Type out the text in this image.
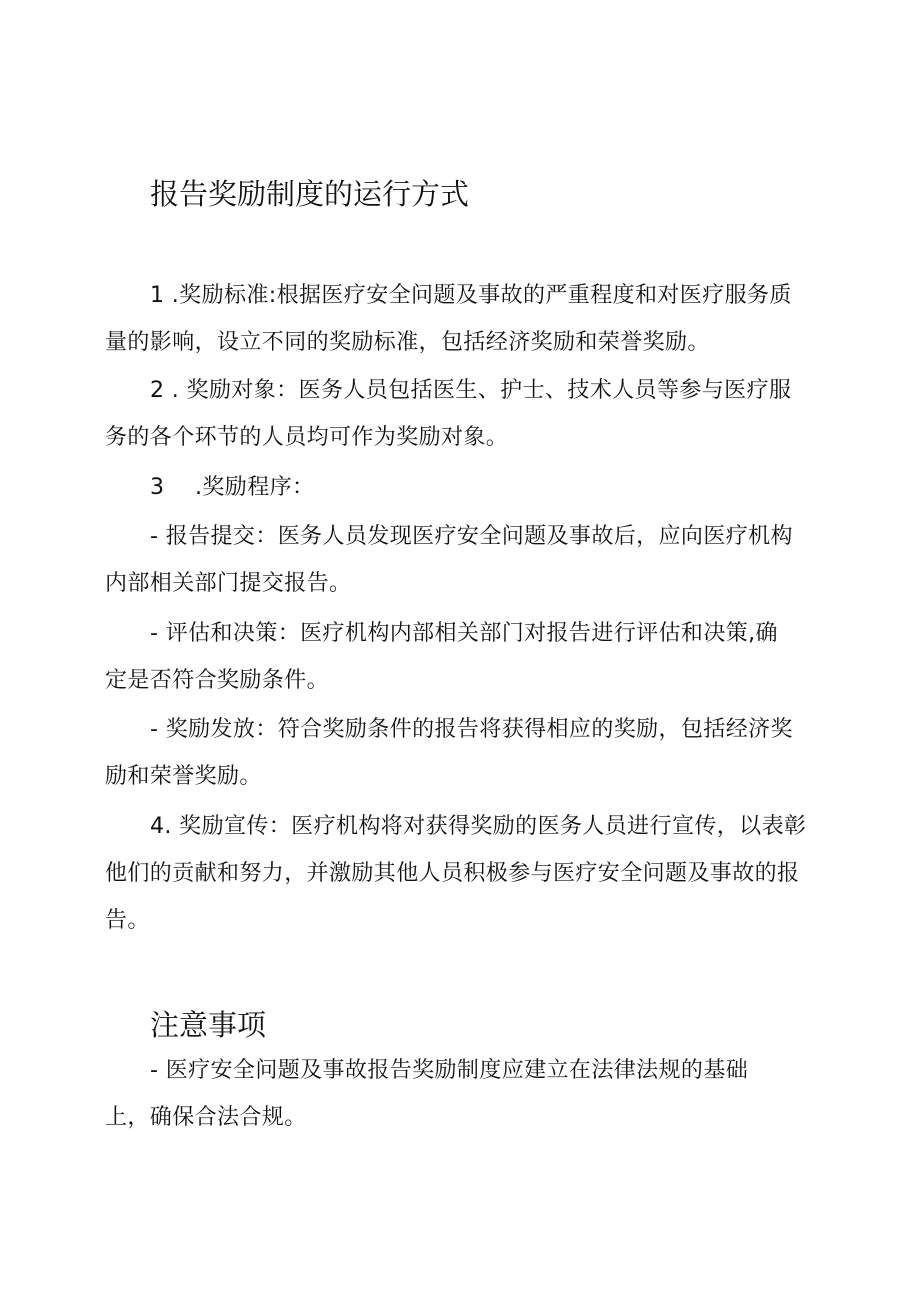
报告奖励制度的运行方式

1 .奖励标准:根据医疗安全问题及事故的严重程度和对医疗服务质
量的影响，设立不同的奖励标准，包括经济奖励和荣誉奖励。

2 . 奖励对象：医务人员包括医生、护士、技术人员等参与医疗服
务的各个环节的人员均可作为奖励对象。

3 .奖励程序：

- 报告提交：医务人员发现医疗安全问题及事故后，应向医疗机构
内部相关部门提交报告。

- 评估和决策：医疗机构内部相关部门对报告进行评估和决策,确
定是否符合奖励条件。

- 奖励发放：符合奖励条件的报告将获得相应的奖励，包括经济奖
励和荣誉奖励。

4. 奖励宣传：医疗机构将对获得奖励的医务人员进行宣传，以表彰
他们的贡献和努力，并激励其他人员积极参与医疗安全问题及事故的报
告。

注意事项

- 医疗安全问题及事故报告奖励制度应建立在法律法规的基础
上，确保合法合规。
